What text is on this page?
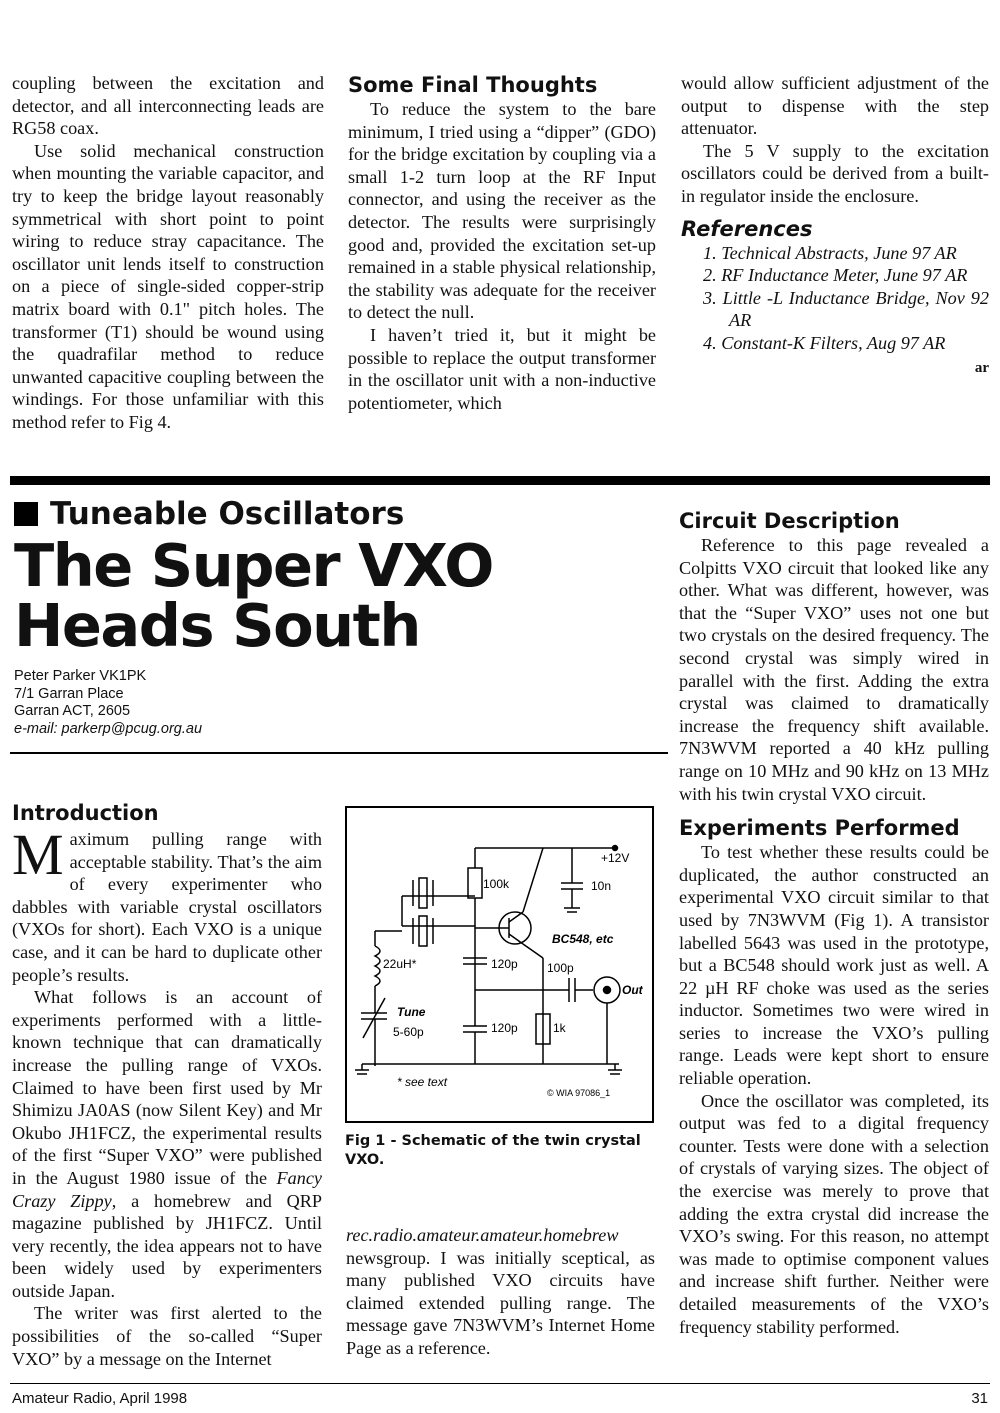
coupling between the excitation and detector, and all interconnecting leads are RG58 coax.

Use solid mechanical construction when mounting the variable capacitor, and try to keep the bridge layout reasonably symmetrical with short point to point wiring to reduce stray capacitance. The oscillator unit lends itself to construction on a piece of single-sided copper-strip matrix board with 0.1" pitch holes. The transformer (T1) should be wound using the quadrafilar method to reduce unwanted capacitive coupling between the windings. For those unfamiliar with this method refer to Fig 4.

Some Final Thoughts

To reduce the system to the bare minimum, I tried using a “dipper” (GDO) for the bridge excitation by coupling via a small 1-2 turn loop at the RF Input connector, and using the receiver as the detector. The results were surprisingly good and, provided the excitation set-up remained in a stable physical relationship, the stability was adequate for the receiver to detect the null.

I haven’t tried it, but it might be possible to replace the output transformer in the oscillator unit with a non-inductive potentiometer, which

would allow sufficient adjustment of the output to dispense with the step attenuator.

The 5 V supply to the excitation oscillators could be derived from a built-in regulator inside the enclosure.

References
1. Technical Abstracts, June 97 AR
2. RF Inductance Meter, June 97 AR
3. Little -L Inductance Bridge, Nov 92 AR
4. Constant-K Filters, Aug 97 AR
ar
Tuneable Oscillators
The Super VXO Heads South
Peter Parker VK1PK
7/1 Garran Place
Garran ACT, 2605
e-mail: parkerp@pcug.org.au
Introduction

Maximum pulling range with acceptable stability. That’s the aim of every experimenter who dabbles with variable crystal oscillators (VXOs for short). Each VXO is a unique case, and it can be hard to duplicate other people’s results.

What follows is an account of experiments performed with a little-known technique that can dramatically increase the pulling range of VXOs. Claimed to have been first used by Mr Shimizu JA0AS (now Silent Key) and Mr Okubo JH1FCZ, the experimental results of the first “Super VXO” were published in the August 1980 issue of the Fancy Crazy Zippy, a homebrew and QRP magazine published by JH1FCZ. Until very recently, the idea appears not to have been widely used by experimenters outside Japan.

The writer was first alerted to the possibilities of the so-called “Super VXO” by a message on the Internet

+12V
100k	10n
BC548, etc
22uH*	120p 100p
Out
Tune
5-60p	120p	1k
* see text
© WIA 97086_1
Fig 1 - Schematic of the twin crystal VXO.

rec.radio.amateur.amateur.homebrew newsgroup. I was initially sceptical, as many published VXO circuits have claimed extended pulling range. The message gave 7N3WVM’s Internet Home Page as a reference.

Circuit Description

Reference to this page revealed a Colpitts VXO circuit that looked like any other. What was different, however, was that the “Super VXO” uses not one but two crystals on the desired frequency. The second crystal was simply wired in parallel with the first. Adding the extra crystal was claimed to dramatically increase the frequency shift available. 7N3WVM reported a 40 kHz pulling range on 10 MHz and 90 kHz on 13 MHz with his twin crystal VXO circuit.

Experiments Performed

To test whether these results could be duplicated, the author constructed an experimental VXO circuit similar to that used by 7N3WVM (Fig 1). A transistor labelled 5643 was used in the prototype, but a BC548 should work just as well. A 22 µH RF choke was used as the series inductor. Sometimes two were wired in series to increase the VXO’s pulling range. Leads were kept short to ensure reliable operation.

Once the oscillator was completed, its output was fed to a digital frequency counter. Tests were done with a selection of crystals of varying sizes. The object of the exercise was merely to prove that adding the extra crystal did increase the VXO’s swing. For this reason, no attempt was made to optimise component values and increase shift further. Neither were detailed measurements of the VXO’s frequency stability performed.

Amateur Radio, April 1998	31
